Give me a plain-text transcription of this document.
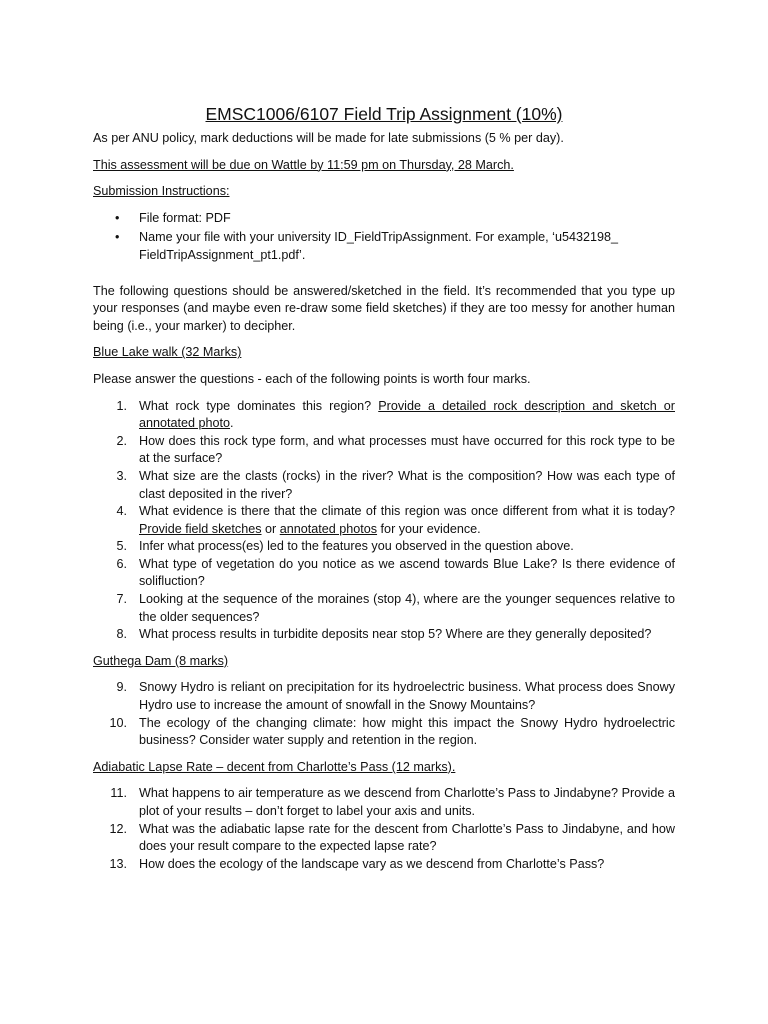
EMSC1006/6107 Field Trip Assignment (10%)

As per ANU policy, mark deductions will be made for late submissions (5 % per day).

This assessment will be due on Wattle by 11:59 pm on Thursday, 28 March.

Submission Instructions:

• File format: PDF
• Name your file with your university ID_FieldTripAssignment. For example, ‘u5432198_ FieldTripAssignment_pt1.pdf’.

The following questions should be answered/sketched in the field. It’s recommended that you type up your responses (and maybe even re-draw some field sketches) if they are too messy for another human being (i.e., your marker) to decipher.

Blue Lake walk (32 Marks)

Please answer the questions - each of the following points is worth four marks.

1. What rock type dominates this region? Provide a detailed rock description and sketch or annotated photo.
2. How does this rock type form, and what processes must have occurred for this rock type to be at the surface?
3. What size are the clasts (rocks) in the river? What is the composition? How was each type of clast deposited in the river?
4. What evidence is there that the climate of this region was once different from what it is today? Provide field sketches or annotated photos for your evidence.
5. Infer what process(es) led to the features you observed in the question above.
6. What type of vegetation do you notice as we ascend towards Blue Lake? Is there evidence of solifluction?
7. Looking at the sequence of the moraines (stop 4), where are the younger sequences relative to the older sequences?
8. What process results in turbidite deposits near stop 5? Where are they generally deposited?

Guthega Dam (8 marks)

9. Snowy Hydro is reliant on precipitation for its hydroelectric business. What process does Snowy Hydro use to increase the amount of snowfall in the Snowy Mountains?
10. The ecology of the changing climate: how might this impact the Snowy Hydro hydroelectric business? Consider water supply and retention in the region.

Adiabatic Lapse Rate – decent from Charlotte’s Pass (12 marks).

11. What happens to air temperature as we descend from Charlotte’s Pass to Jindabyne? Provide a plot of your results – don’t forget to label your axis and units.
12. What was the adiabatic lapse rate for the descent from Charlotte’s Pass to Jindabyne, and how does your result compare to the expected lapse rate?
13. How does the ecology of the landscape vary as we descend from Charlotte’s Pass?
